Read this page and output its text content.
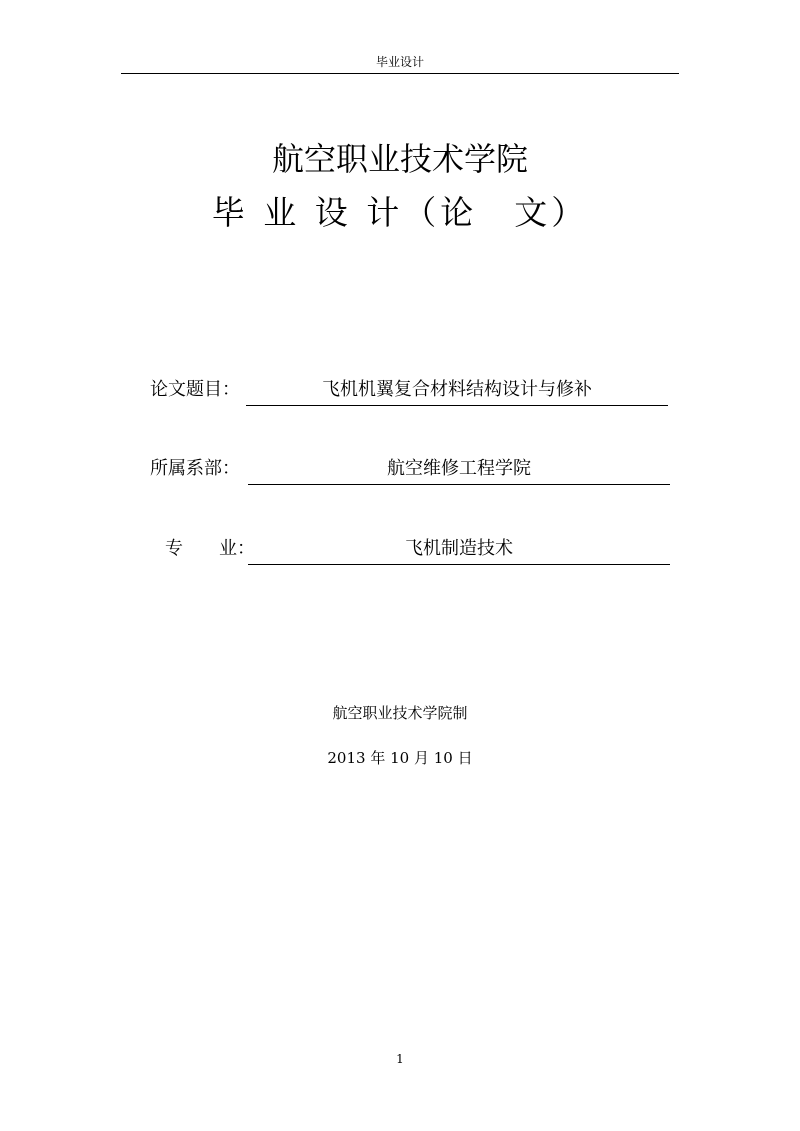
毕业设计
航空职业技术学院
毕 业 设 计（论　文）
论文题目：	飞机机翼复合材料结构设计与修补
所属系部：	航空维修工程学院
专　　业：	飞机制造技术
航空职业技术学院制
2013 年 10 月 10 日
1
